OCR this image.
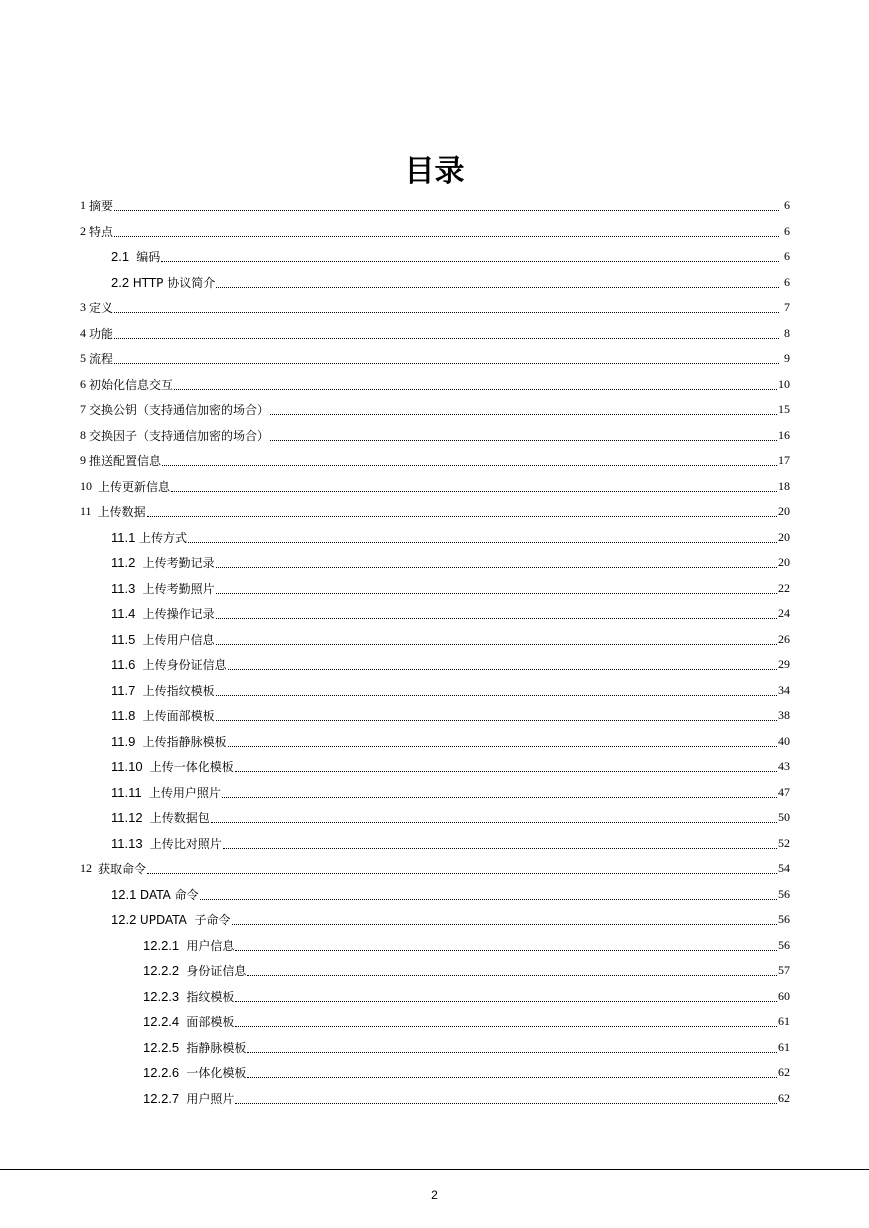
目录
1 摘要	6
2 特点	6
2.1 编码	6
2.2 HTTP 协议简介	6
3 定义	7
4 功能	8
5 流程	9
6 初始化信息交互	10
7 交换公钥（支持通信加密的场合）	15
8 交换因子（支持通信加密的场合）	16
9 推送配置信息	17
10 上传更新信息	18
11 上传数据	20
11.1 上传方式	20
11.2 上传考勤记录	20
11.3 上传考勤照片	22
11.4 上传操作记录	24
11.5 上传用户信息	26
11.6 上传身份证信息	29
11.7 上传指纹模板	34
11.8 上传面部模板	38
11.9 上传指静脉模板	40
11.10 上传一体化模板	43
11.11 上传用户照片	47
11.12 上传数据包	50
11.13 上传比对照片	52
12 获取命令	54
12.1 DATA 命令	56
12.2 UPDATA  子命令	56
12.2.1 用户信息	56
12.2.2 身份证信息	57
12.2.3 指纹模板	60
12.2.4 面部模板	61
12.2.5 指静脉模板	61
12.2.6 一体化模板	62
12.2.7 用户照片	62
2
